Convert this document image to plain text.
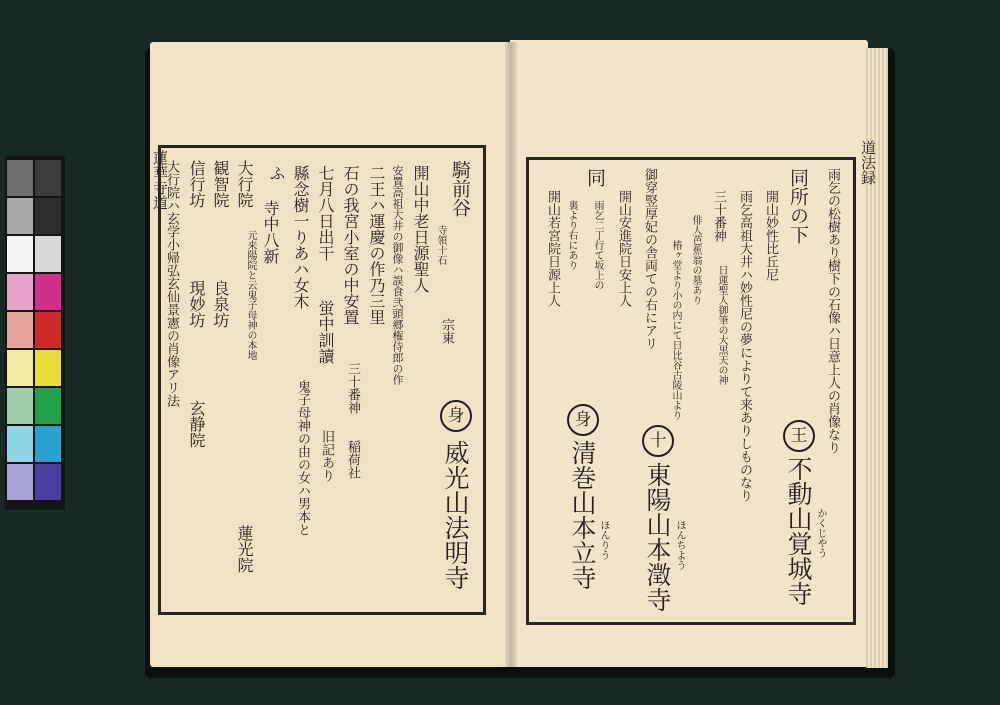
蓮華寺道	騎前谷
寺領十石
宗東
開山中老日源聖人
安置高祖大井の御像ハ誤食弐頭郷権侍郎の作
二王ハ運慶の作乃三里
石の我宮小室の中安置
三十番神
稲荷社
七月八日出干
蛍中訓讀
旧記あり
縣念樹一りあハ女木
鬼子母神の由の女ハ男本と
ふ
寺中八新
大行院
元来陽院と云鬼子母神の本地
観智院
良泉坊
信行坊
現妙坊
玄静院
大行院ハ玄学小帰弘玄仙景憲の肖像アリ法
蓮光院
身
威光山法明寺
道法録
雨乞の松樹あり樹下の石像ハ日意上人の肖像なり
同所の下
開山妙性比丘尼
雨乞高祖大井ハ妙性尼の夢によりて来ありしものなり
三十番神
日蓮聖人御筆の大黒天の神
俳人芭蕉翁の墓あり
椿ヶ堂より小の内にて日比谷古陵山より
御穿竪厚妃の舎両ての右にアリ
開山安進院日安上人
同
雨乞二丁行て坂上の
裏より右にあり
開山若宮院日源上人
王
不動山覚城寺 かくじやう
十
東陽山本澂寺 ほんちよう
身
清巻山本立寺 ほんりう
